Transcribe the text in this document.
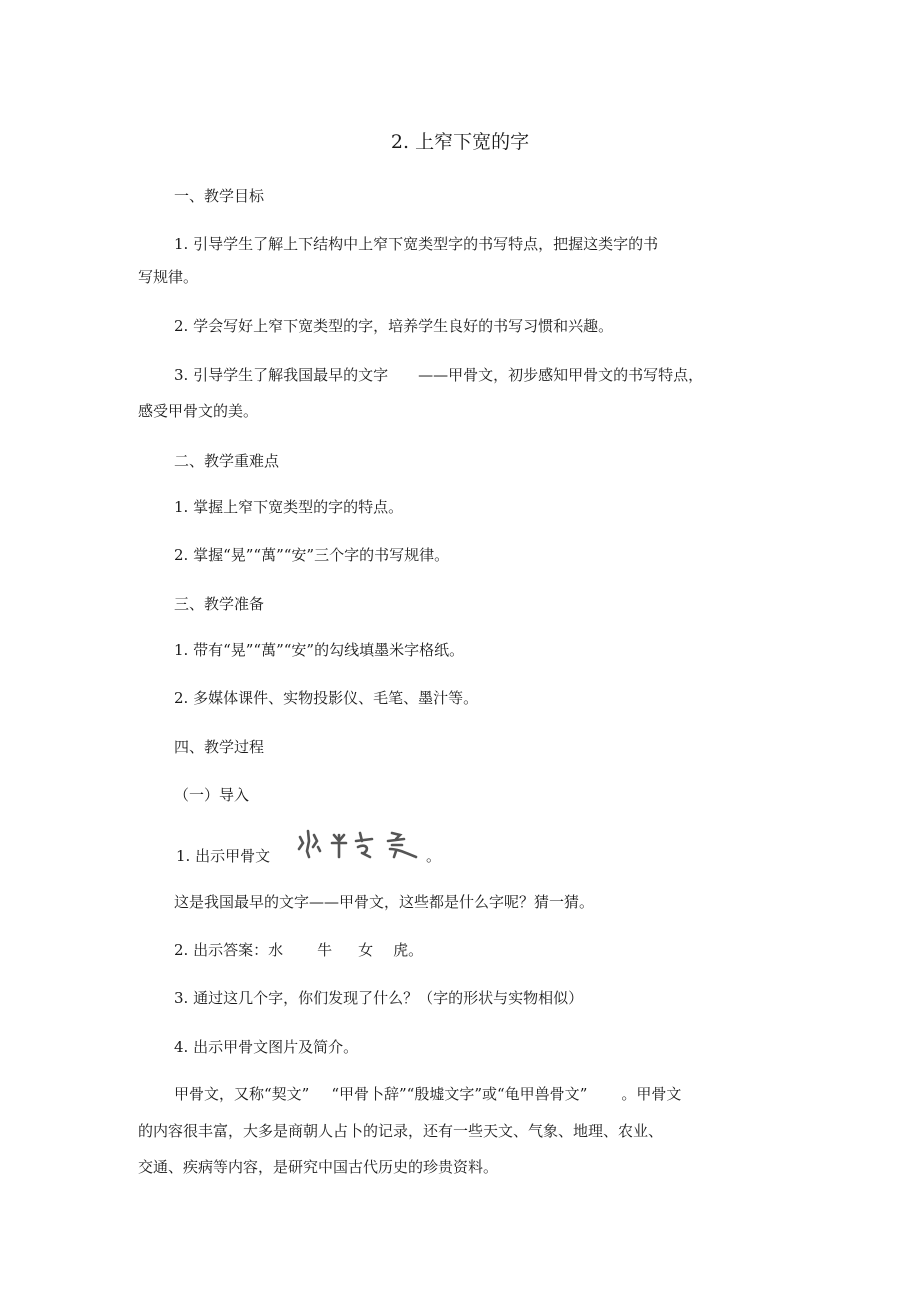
2. 上窄下宽的字
一、教学目标
1. 引导学生了解上下结构中上窄下宽类型字的书写特点，把握这类字的书
写规律。
2. 学会写好上窄下宽类型的字，培养学生良好的书写习惯和兴趣。
3. 引导学生了解我国最早的文字 ——甲骨文，初步感知甲骨文的书写特点，
感受甲骨文的美。
二、教学重难点
1. 掌握上窄下宽类型的字的特点。
2. 掌握“晃”“萬”“安”三个字的书写规律。
三、教学准备
1. 带有“晃”“萬”“安”的勾线填墨米字格纸。
2. 多媒体课件、实物投影仪、毛笔、墨汁等。
四、教学过程
（一）导入
1. 出示甲骨文	。
这是我国最早的文字——甲骨文，这些都是什么字呢？猜一猜。
2. 出示答案：水 牛 女 虎。
3. 通过这几个字，你们发现了什么？（字的形状与实物相似）
4. 出示甲骨文图片及简介。
甲骨文，又称“契文” “甲骨卜辞”“殷墟文字”或“龟甲兽骨文” 。甲骨文
的内容很丰富，大多是商朝人占卜的记录，还有一些天文、气象、地理、农业、
交通、疾病等内容，是研究中国古代历史的珍贵资料。
